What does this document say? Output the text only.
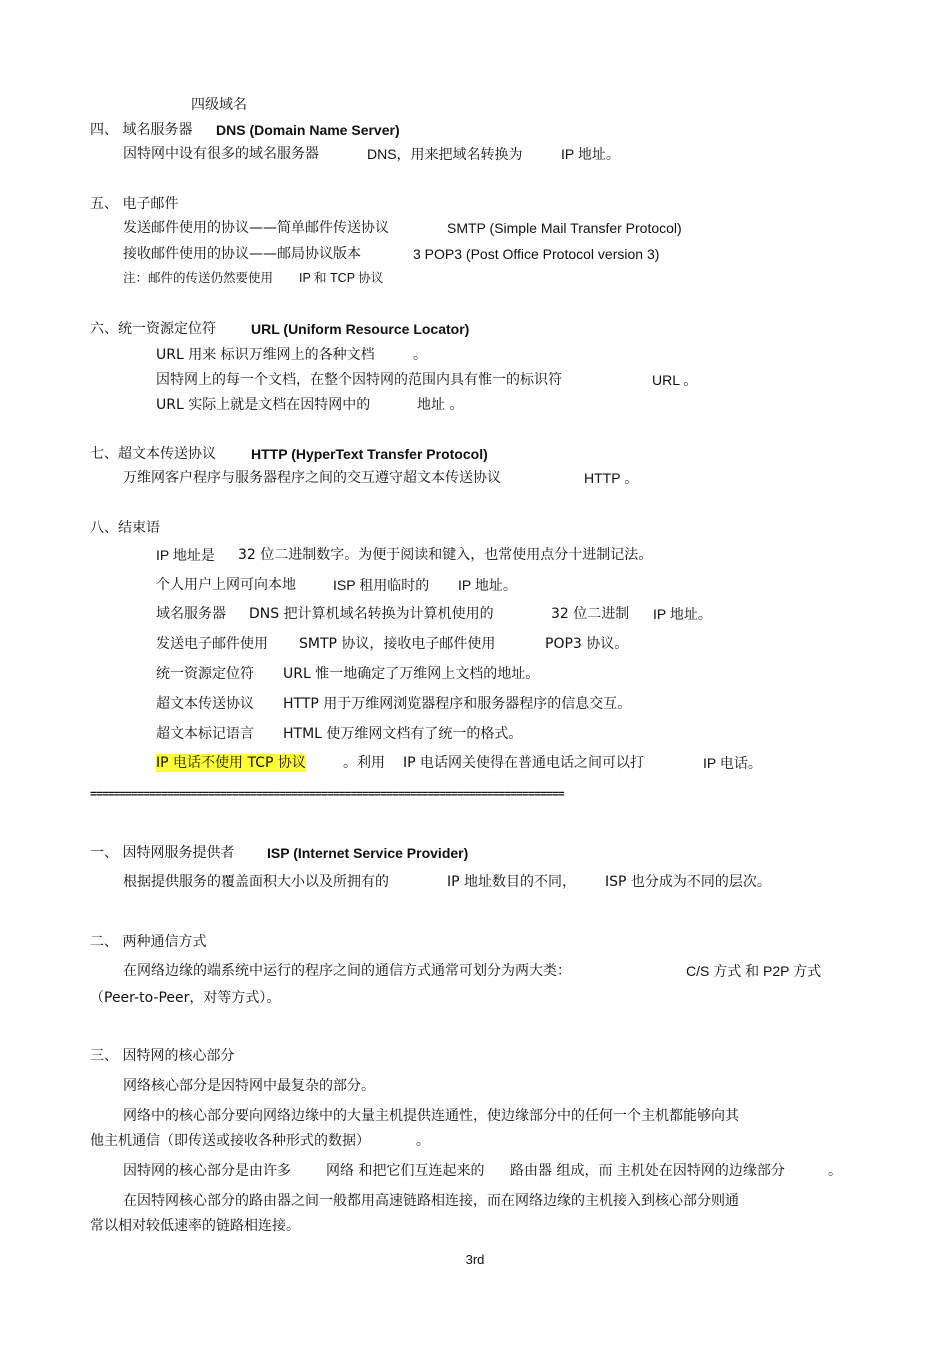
四级域名
四、 域名服务器 DNS (Domain Name Server)
因特网中设有很多的域名服务器	DNS，用来把域名转换为	IP 地址。
五、 电子邮件
发送邮件使用的协议——简单邮件传送协议	SMTP (Simple Mail Transfer Protocol)
接收邮件使用的协议——邮局协议版本	3 POP3 (Post Office Protocol version 3)
注：邮件的传送仍然要使用 IP 和 TCP 协议
六、统一资源定位符	URL (Uniform Resource Locator)
URL 用来 标识万维网上的各种文档	。
因特网上的每一个文档，在整个因特网的范围内具有惟一的标识符	URL 。
URL 实际上就是文档在因特网中的	地址 。
七、超文本传送协议	HTTP (HyperText Transfer Protocol)
万维网客户程序与服务器程序之间的交互遵守超文本传送协议	HTTP 。
八、结束语
IP 地址是 32 位二进制数字。为便于阅读和键入，也常使用点分十进制记法。
个人用户上网可向本地	ISP 租用临时的 IP 地址。
域名服务器 DNS 把计算机域名转换为计算机使用的	32 位二进制 IP 地址。
发送电子邮件使用 SMTP 协议，接收电子邮件使用	POP3 协议。
统一资源定位符 URL 惟一地确定了万维网上文档的地址。
超文本传送协议 HTTP 用于万维网浏览器程序和服务器程序的信息交互。
超文本标记语言 HTML 使万维网文档有了统一的格式。
IP 电话不使用 TCP 协议	。利用 IP 电话网关使得在普通电话之间可以打	IP 电话。
================================================================================
一、 因特网服务提供者 ISP (Internet Service Provider)
根据提供服务的覆盖面积大小以及所拥有的	IP 地址数目的不同， ISP 也分成为不同的层次。
二、 两种通信方式
在网络边缘的端系统中运行的程序之间的通信方式通常可划分为两大类：	C/S 方式 和 P2P 方式
（Peer-to-Peer，对等方式）。
三、 因特网的核心部分
网络核心部分是因特网中最复杂的部分。
网络中的核心部分要向网络边缘中的大量主机提供连通性，使边缘部分中的任何一个主机都能够向其
他主机通信（即传送或接收各种形式的数据）	。
因特网的核心部分是由许多	网络 和把它们互连起来的 路由器 组成，而 主机处在因特网的边缘部分	。
在因特网核心部分的路由器之间一般都用高速链路相连接，而在网络边缘的主机接入到核心部分则通
常以相对较低速率的链路相连接。
3rd
